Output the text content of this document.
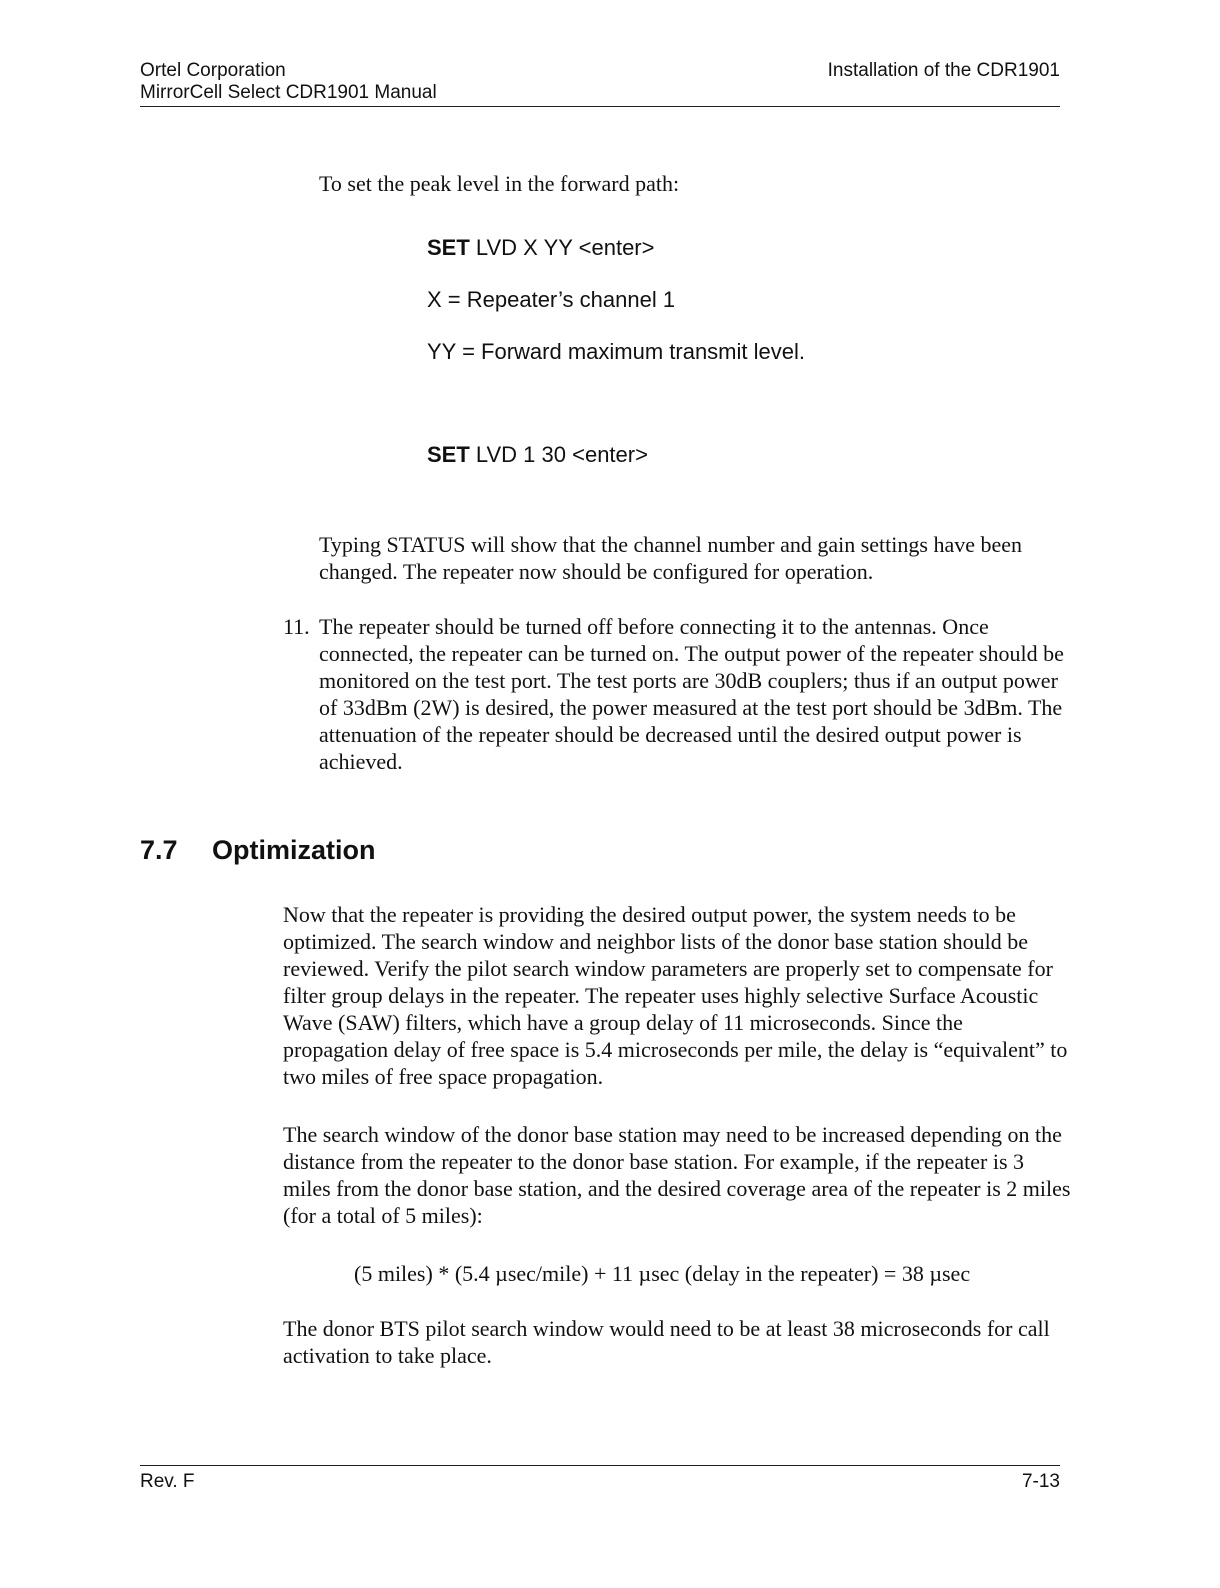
Ortel Corporation
MirrorCell Select CDR1901 Manual
Installation of the CDR1901
To set the peak level in the forward path:
SET LVD X YY <enter>
X = Repeater’s channel 1
YY = Forward maximum transmit level.
SET LVD 1 30 <enter>
Typing STATUS will show that the channel number and gain settings have been changed. The repeater now should be configured for operation.
11. The repeater should be turned off before connecting it to the antennas. Once connected, the repeater can be turned on. The output power of the repeater should be monitored on the test port. The test ports are 30dB couplers; thus if an output power of 33dBm (2W) is desired, the power measured at the test port should be 3dBm. The attenuation of the repeater should be decreased until the desired output power is achieved.
7.7 Optimization
Now that the repeater is providing the desired output power, the system needs to be optimized. The search window and neighbor lists of the donor base station should be reviewed. Verify the pilot search window parameters are properly set to compensate for filter group delays in the repeater. The repeater uses highly selective Surface Acoustic Wave (SAW) filters, which have a group delay of 11 microseconds. Since the propagation delay of free space is 5.4 microseconds per mile, the delay is “equivalent” to two miles of free space propagation.
The search window of the donor base station may need to be increased depending on the distance from the repeater to the donor base station. For example, if the repeater is 3 miles from the donor base station, and the desired coverage area of the repeater is 2 miles (for a total of 5 miles):
(5 miles) * (5.4 µsec/mile) + 11 µsec (delay in the repeater) = 38 µsec
The donor BTS pilot search window would need to be at least 38 microseconds for call activation to take place.
Rev. F	7-13
